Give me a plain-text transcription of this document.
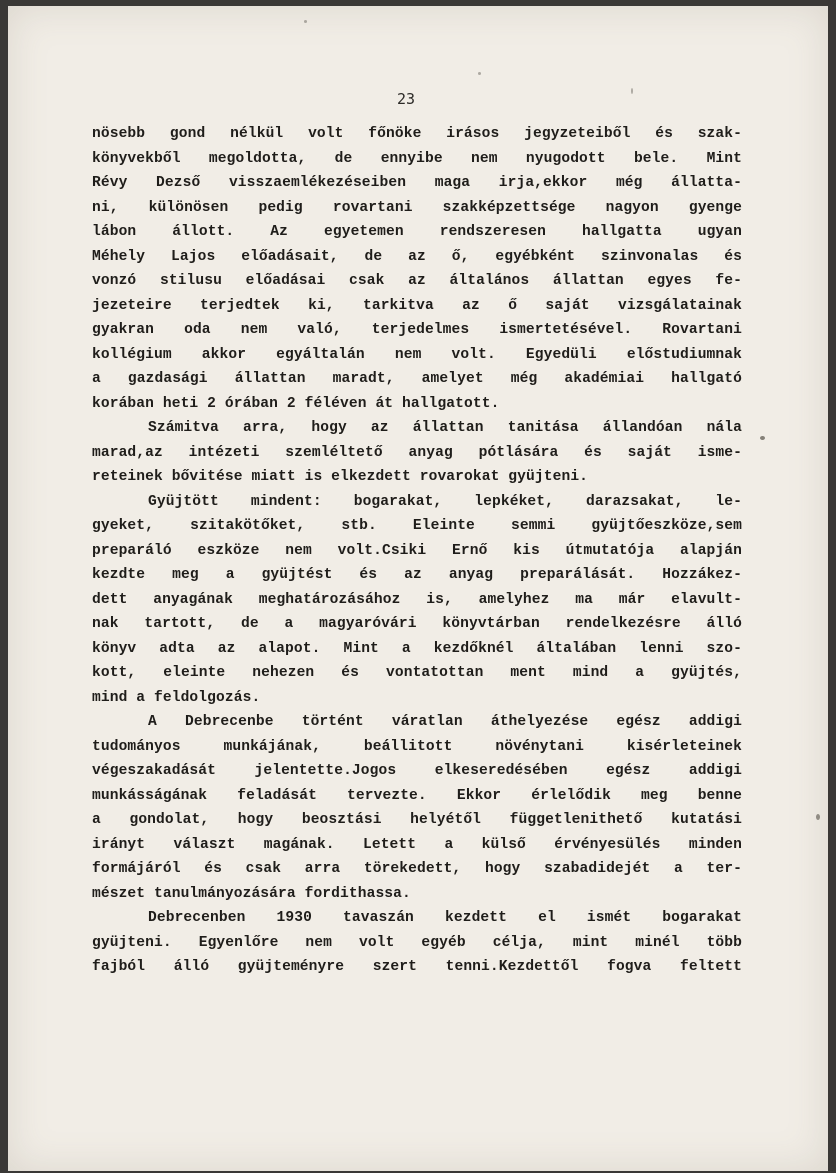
23
nösebb gond nélkül volt főnöke irásos jegyzeteiből és szak-
könyvekből megoldotta, de ennyibe nem nyugodott bele. Mint
Révy Dezső visszaemlékezéseiben maga irja,ekkor még állatta-
ni, különösen pedig rovartani szakképzettsége nagyon gyenge
lábon állott. Az egyetemen rendszeresen hallgatta ugyan
Méhely Lajos előadásait, de az ő, egyébként szinvonalas és
vonzó stilusu előadásai csak az általános állattan egyes fe-
jezeteire terjedtek ki, tarkitva az ő saját vizsgálatainak
gyakran oda nem való, terjedelmes ismertetésével. Rovartani
kollégium akkor egyáltalán nem volt. Egyedüli előstudiumnak
a gazdasági állattan maradt, amelyet még akadémiai hallgató
korában heti 2 órában 2 féléven át hallgatott.
Számitva arra, hogy az állattan tanitása állandóan nála
marad,az intézeti szemléltető anyag pótlására és saját isme-
reteinek bővitése miatt is elkezdett rovarokat gyüjteni.
Gyüjtött mindent: bogarakat, lepkéket, darazsakat, le-
gyeket, szitakötőket, stb. Eleinte semmi gyüjtőeszköze,sem
preparáló eszköze nem volt.Csiki Ernő kis útmutatója alapján
kezdte meg a gyüjtést és az anyag preparálását. Hozzákez-
dett anyagának meghatározásához is, amelyhez ma már elavult-
nak tartott, de a magyaróvári könyvtárban rendelkezésre álló
könyv adta az alapot. Mint a kezdőknél általában lenni szo-
kott, eleinte nehezen és vontatottan ment mind a gyüjtés,
mind a feldolgozás.
A Debrecenbe történt váratlan áthelyezése egész addigi
tudományos munkájának, beállitott növénytani kisérleteinek
végeszakadását jelentette.Jogos elkeseredésében egész addigi
munkásságának feladását tervezte. Ekkor érlelődik meg benne
a gondolat, hogy beosztási helyétől függetlenithető kutatási
irányt választ magának. Letett a külső érvényesülés minden
formájáról és csak arra törekedett, hogy szabadidejét a ter-
mészet tanulmányozására fordithassa.
Debrecenben 1930 tavaszán kezdett el ismét bogarakat
gyüjteni. Egyenlőre nem volt egyéb célja, mint minél több
fajból álló gyüjteményre szert tenni.Kezdettől fogva feltett
